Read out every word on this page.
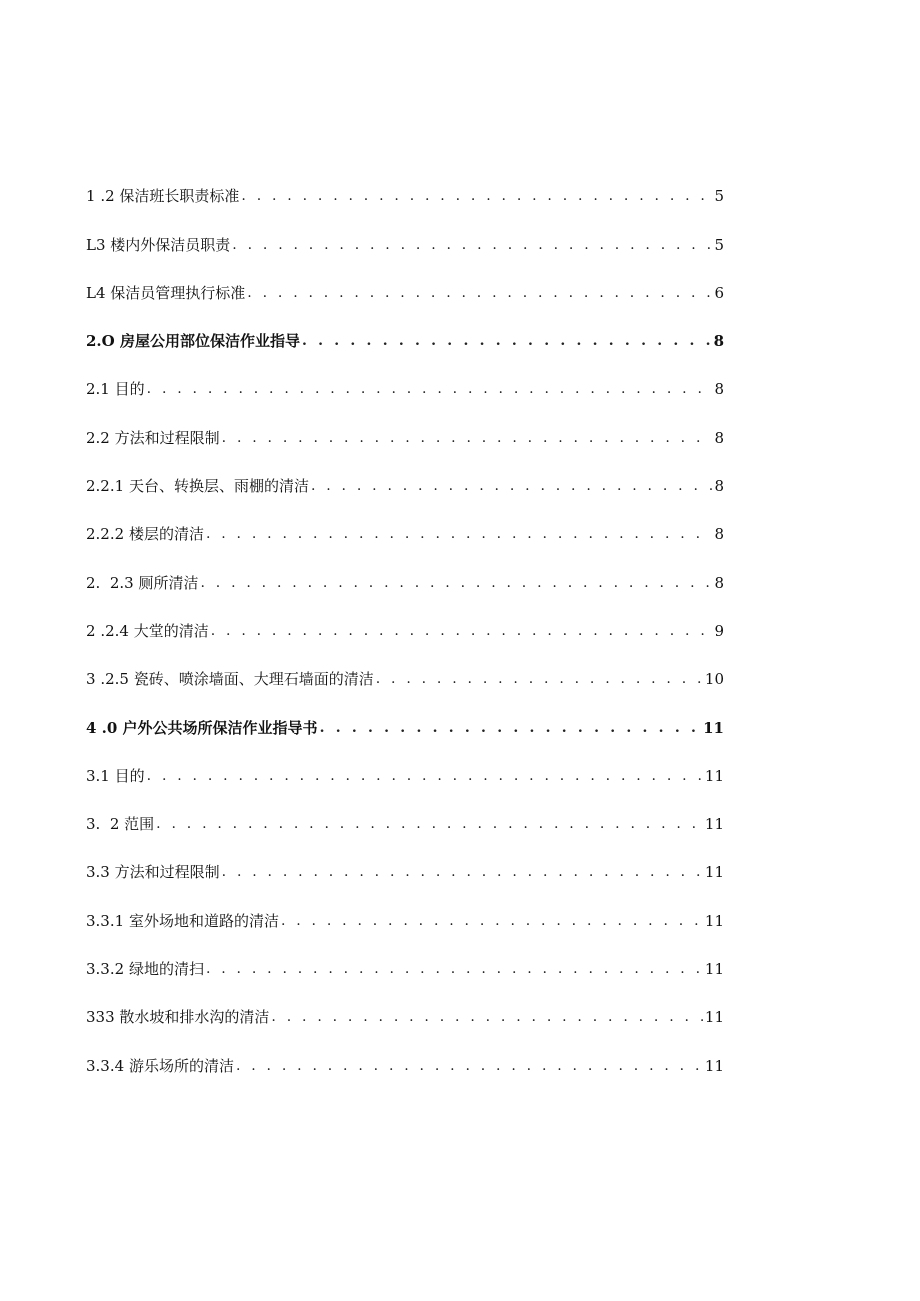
1 .2 保洁班长职责标准 . . .	5
L3 楼内外保洁员职责 . . .	5
L4 保洁员管理执行标准 . . .	6
2.O 房屋公用部位保洁作业指导 . . .	8
2.1 目的 . . .	8
2.2 方法和过程限制 . . .	8
2.2.1 天台、转换层、雨棚的清洁 . . .	8
2.2.2 楼层的清洁 . . .	8
2. 2.3 厕所清洁 . . .	8
2 .2.4 大堂的清洁 . . .	9
3 .2.5 瓷砖、喷涂墙面、大理石墙面的清洁 . . .	10
4 .0 户外公共场所保洁作业指导书 . . .	11
3.1 目的 . . .	11
3. 2 范围 . . .	11
3.3 方法和过程限制 . . .	11
3.3.1 室外场地和道路的清洁 . . .	11
3.3.2 绿地的清扫 . . .	11
333 散水坡和排水沟的清洁 . . .	11
3.3.4 游乐场所的清洁 . . .	11
